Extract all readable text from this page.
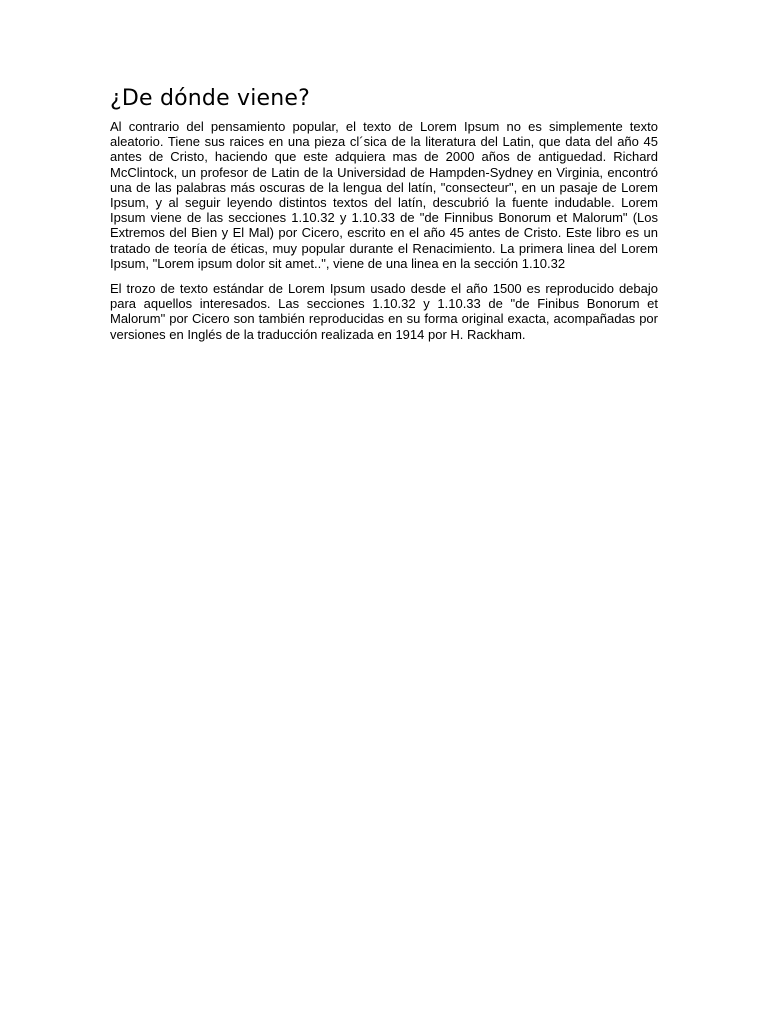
¿De dónde viene?

Al contrario del pensamiento popular, el texto de Lorem Ipsum no es simplemente texto aleatorio. Tiene sus raices en una pieza cl´sica de la literatura del Latin, que data del año 45 antes de Cristo, haciendo que este adquiera mas de 2000 años de antiguedad. Richard McClintock, un profesor de Latin de la Universidad de Hampden-Sydney en Virginia, encontró una de las palabras más oscuras de la lengua del latín, "consecteur", en un pasaje de Lorem Ipsum, y al seguir leyendo distintos textos del latín, descubrió la fuente indudable. Lorem Ipsum viene de las secciones 1.10.32 y 1.10.33 de "de Finnibus Bonorum et Malorum" (Los Extremos del Bien y El Mal) por Cicero, escrito en el año 45 antes de Cristo. Este libro es un tratado de teoría de éticas, muy popular durante el Renacimiento. La primera linea del Lorem Ipsum, "Lorem ipsum dolor sit amet..", viene de una linea en la sección 1.10.32

El trozo de texto estándar de Lorem Ipsum usado desde el año 1500 es reproducido debajo para aquellos interesados. Las secciones 1.10.32 y 1.10.33 de "de Finibus Bonorum et Malorum" por Cicero son también reproducidas en su forma original exacta, acompañadas por versiones en Inglés de la traducción realizada en 1914 por H. Rackham.
